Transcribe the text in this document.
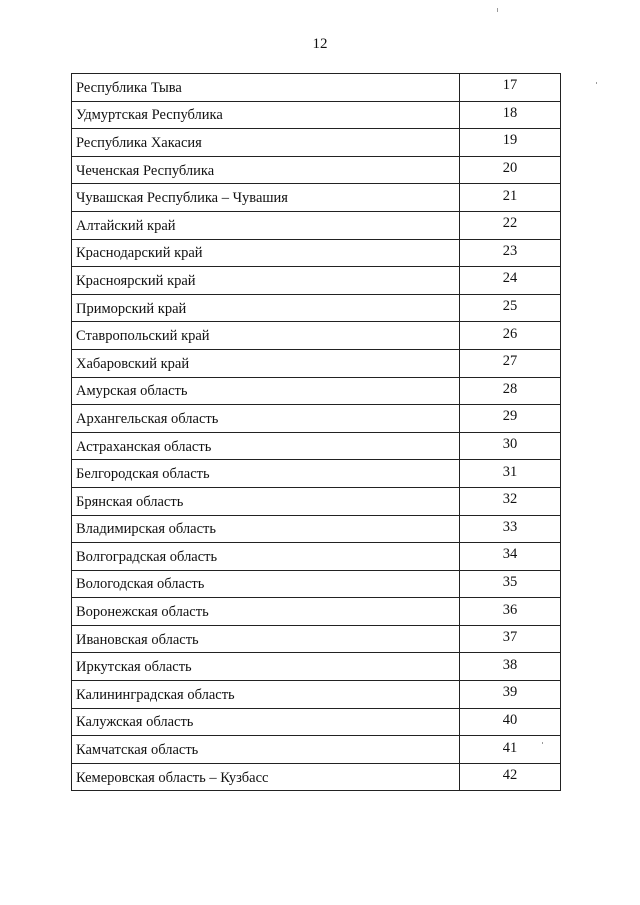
12
Республика Тыва	17
Удмуртская Республика	18
Республика Хакасия	19
Чеченская Республика	20
Чувашская Республика – Чувашия	21
Алтайский край	22
Краснодарский край	23
Красноярский край	24
Приморский край	25
Ставропольский край	26
Хабаровский край	27
Амурская область	28
Архангельская область	29
Астраханская область	30
Белгородская область	31
Брянская область	32
Владимирская область	33
Волгоградская область	34
Вологодская область	35
Воронежская область	36
Ивановская область	37
Иркутская область	38
Калининградская область	39
Калужская область	40
Камчатская область	41
Кемеровская область – Кузбасс	42
